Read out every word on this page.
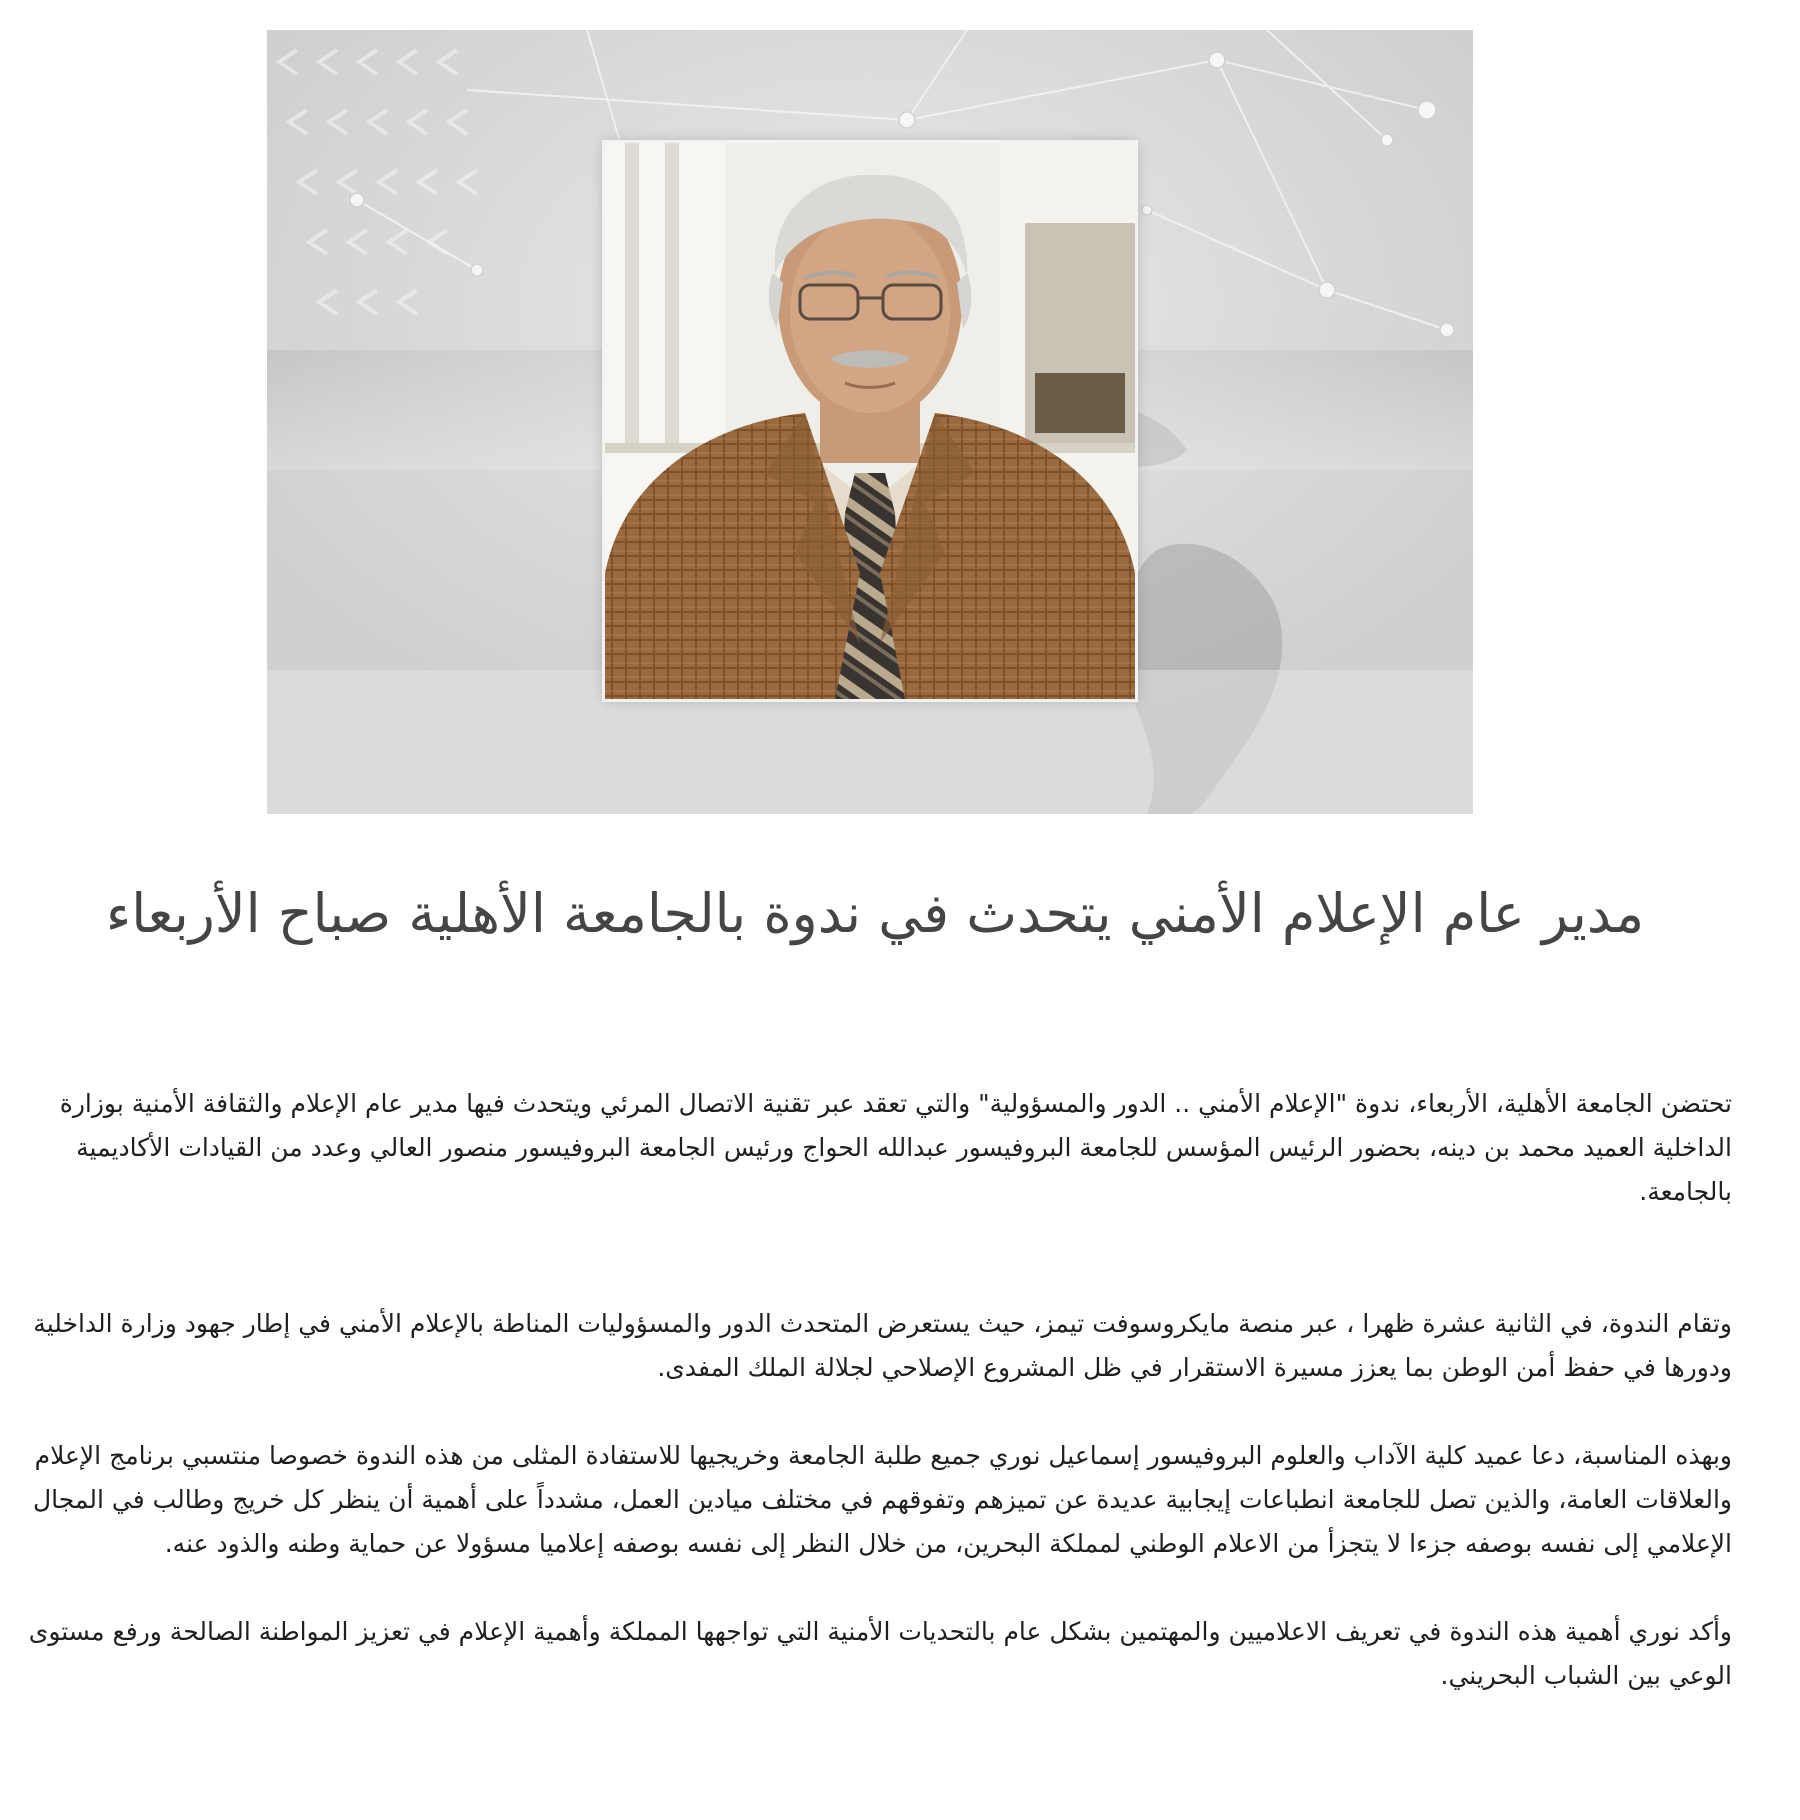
مدير عام الإعلام الأمني يتحدث في ندوة بالجامعة الأهلية صباح الأربعاء

تحتضن الجامعة الأهلية، الأربعاء، ندوة "الإعلام الأمني .. الدور والمسؤولية" والتي تعقد عبر تقنية الاتصال المرئي ويتحدث فيها مدير عام الإعلام والثقافة الأمنية بوزارة الداخلية العميد محمد بن دينه، بحضور الرئيس المؤسس للجامعة البروفيسور عبدالله الحواج ورئيس الجامعة البروفيسور منصور العالي وعدد من القيادات الأكاديمية بالجامعة.

وتقام الندوة، في الثانية عشرة ظهرا ، عبر منصة مايكروسوفت تيمز، حيث يستعرض المتحدث الدور والمسؤوليات المناطة بالإعلام الأمني في إطار جهود وزارة الداخلية ودورها في حفظ أمن الوطن بما يعزز مسيرة الاستقرار في ظل المشروع الإصلاحي لجلالة الملك المفدى.

وبهذه المناسبة، دعا عميد كلية الآداب والعلوم البروفيسور إسماعيل نوري جميع طلبة الجامعة وخريجيها للاستفادة المثلى من هذه الندوة خصوصا منتسبي برنامج الإعلام والعلاقات العامة، والذين تصل للجامعة انطباعات إيجابية عديدة عن تميزهم وتفوقهم في مختلف ميادين العمل، مشدداً على أهمية أن ينظر كل خريج وطالب في المجال الإعلامي إلى نفسه بوصفه جزءا لا يتجزأ من الاعلام الوطني لمملكة البحرين، من خلال النظر إلى نفسه بوصفه إعلاميا مسؤولا عن حماية وطنه والذود عنه.

وأكد نوري أهمية هذه الندوة في تعريف الاعلاميين والمهتمين بشكل عام بالتحديات الأمنية التي تواجهها المملكة وأهمية الإعلام في تعزيز المواطنة الصالحة ورفع مستوى الوعي بين الشباب البحريني.
